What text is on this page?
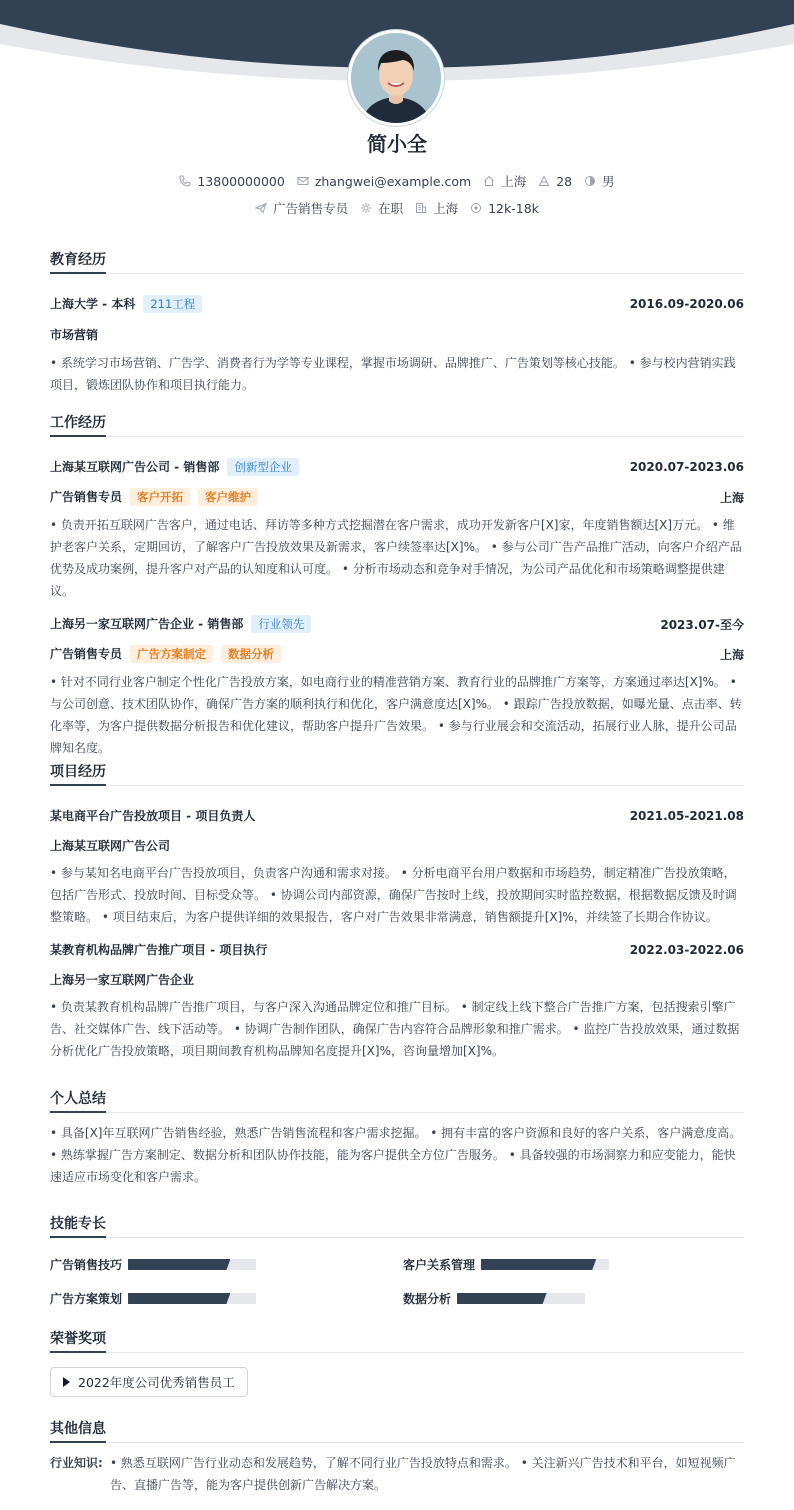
简小全
13800000000 zhangwei@example.com 上海 28 男
广告销售专员 在职 上海 12k-18k
教育经历
上海大学 - 本科 211工程	2016.09-2020.06
市场营销
• 系统学习市场营销、广告学、消费者行为学等专业课程，掌握市场调研、品牌推广、广告策划等核心技能。 • 参与校内营销实践项目，锻炼团队协作和项目执行能力。
工作经历
上海某互联网广告公司 - 销售部 创新型企业	2020.07-2023.06
广告销售专员 客户开拓 客户维护	上海
• 负责开拓互联网广告客户，通过电话、拜访等多种方式挖掘潜在客户需求，成功开发新客户[X]家，年度销售额达[X]万元。 • 维护老客户关系，定期回访，了解客户广告投放效果及新需求，客户续签率达[X]%。 • 参与公司广告产品推广活动，向客户介绍产品优势及成功案例，提升客户对产品的认知度和认可度。 • 分析市场动态和竞争对手情况，为公司产品优化和市场策略调整提供建议。
上海另一家互联网广告企业 - 销售部 行业领先	2023.07-至今
广告销售专员 广告方案制定 数据分析	上海
• 针对不同行业客户制定个性化广告投放方案，如电商行业的精准营销方案、教育行业的品牌推广方案等，方案通过率达[X]%。 • 与公司创意、技术团队协作，确保广告方案的顺利执行和优化，客户满意度达[X]%。 • 跟踪广告投放数据，如曝光量、点击率、转化率等，为客户提供数据分析报告和优化建议，帮助客户提升广告效果。 • 参与行业展会和交流活动，拓展行业人脉，提升公司品牌知名度。
项目经历
某电商平台广告投放项目 - 项目负责人	2021.05-2021.08
上海某互联网广告公司
• 参与某知名电商平台广告投放项目，负责客户沟通和需求对接。 • 分析电商平台用户数据和市场趋势，制定精准广告投放策略，包括广告形式、投放时间、目标受众等。 • 协调公司内部资源，确保广告按时上线，投放期间实时监控数据，根据数据反馈及时调整策略。 • 项目结束后，为客户提供详细的效果报告，客户对广告效果非常满意，销售额提升[X]%，并续签了长期合作协议。
某教育机构品牌广告推广项目 - 项目执行	2022.03-2022.06
上海另一家互联网广告企业
• 负责某教育机构品牌广告推广项目，与客户深入沟通品牌定位和推广目标。 • 制定线上线下整合广告推广方案，包括搜索引擎广告、社交媒体广告、线下活动等。 • 协调广告制作团队，确保广告内容符合品牌形象和推广需求。 • 监控广告投放效果，通过数据分析优化广告投放策略，项目期间教育机构品牌知名度提升[X]%，咨询量增加[X]%。
个人总结
• 具备[X]年互联网广告销售经验，熟悉广告销售流程和客户需求挖掘。 • 拥有丰富的客户资源和良好的客户关系，客户满意度高。 • 熟练掌握广告方案制定、数据分析和团队协作技能，能为客户提供全方位广告服务。 • 具备较强的市场洞察力和应变能力，能快速适应市场变化和客户需求。
技能专长
广告销售技巧	客户关系管理
广告方案策划	数据分析
荣誉奖项
2022年度公司优秀销售员工
其他信息
行业知识: • 熟悉互联网广告行业动态和发展趋势，了解不同行业广告投放特点和需求。 • 关注新兴广告技术和平台，如短视频广告、直播广告等，能为客户提供创新广告解决方案。
